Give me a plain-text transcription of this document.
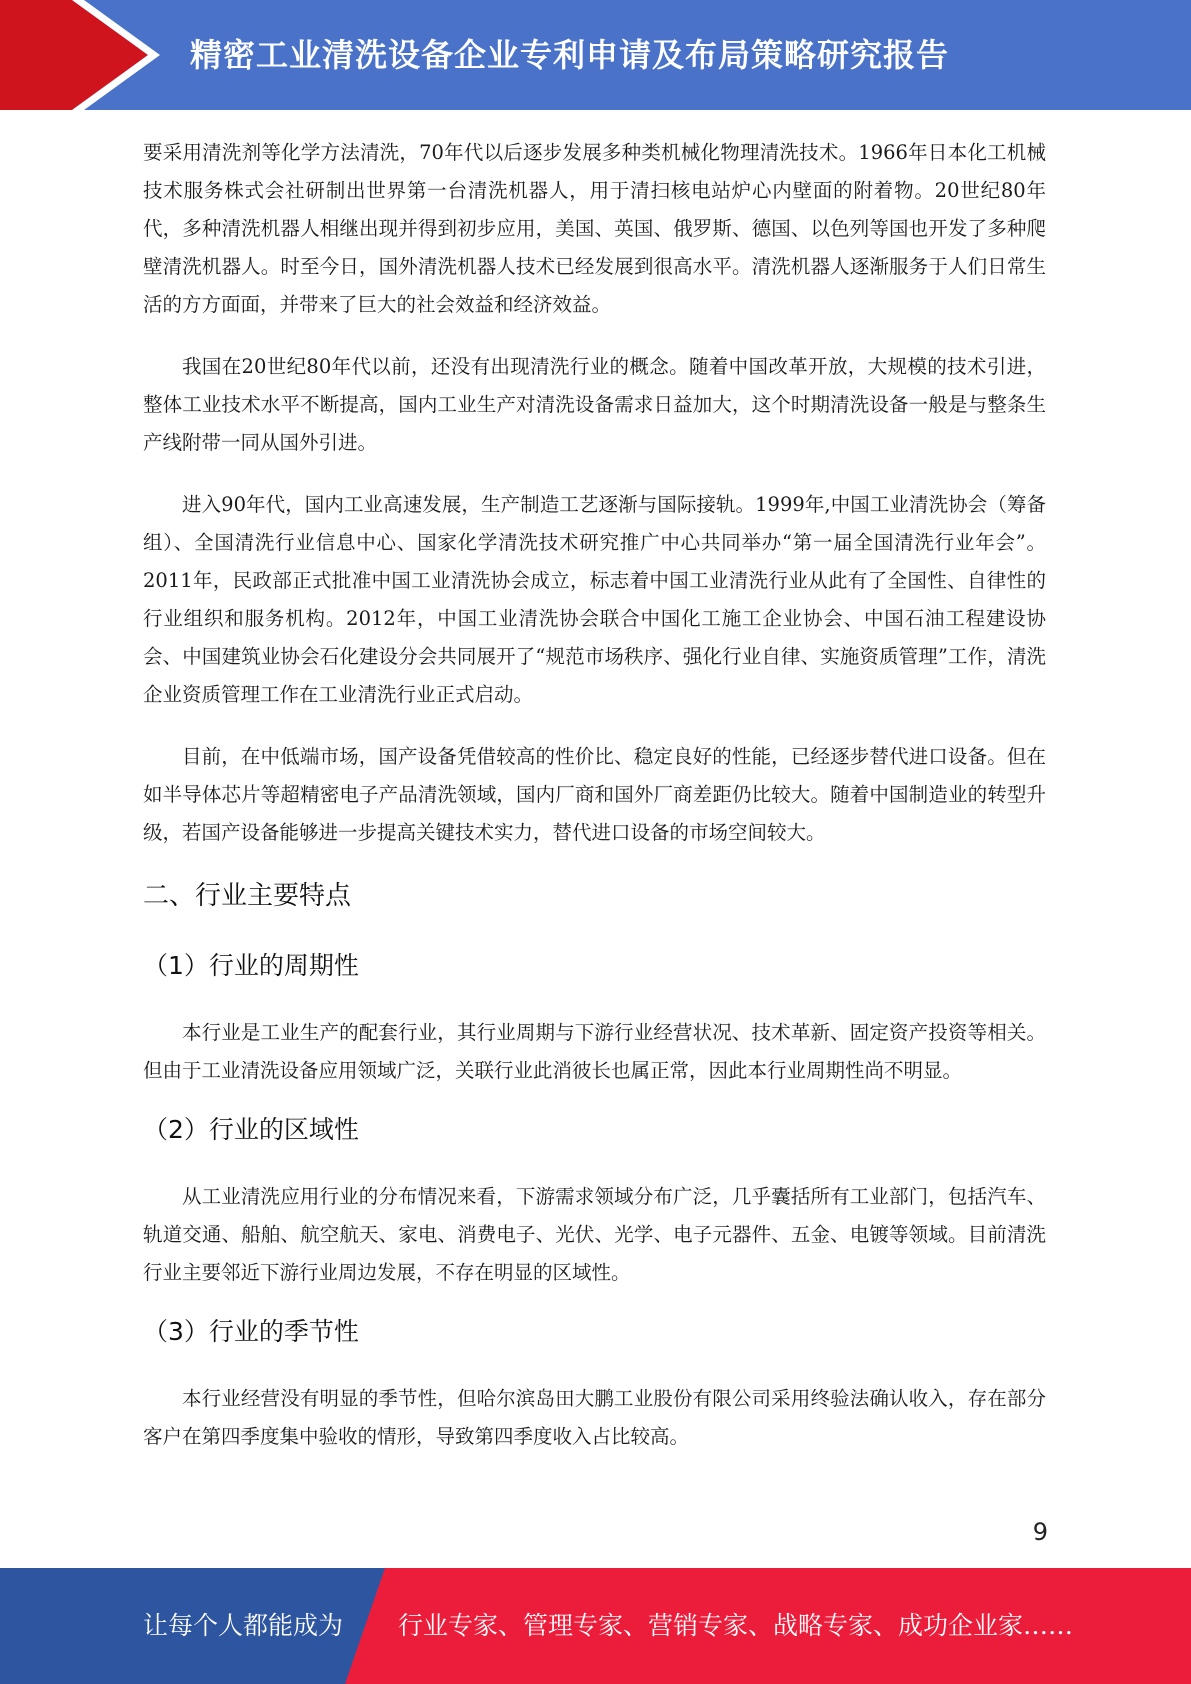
精密工业清洗设备企业专利申请及布局策略研究报告

要采用清洗剂等化学方法清洗，70年代以后逐步发展多种类机械化物理清洗技术。1966年日本化工机械技术服务株式会社研制出世界第一台清洗机器人，用于清扫核电站炉心内壁面的附着物。20世纪80年代，多种清洗机器人相继出现并得到初步应用，美国、英国、俄罗斯、德国、以色列等国也开发了多种爬壁清洗机器人。时至今日，国外清洗机器人技术已经发展到很高水平。清洗机器人逐渐服务于人们日常生活的方方面面，并带来了巨大的社会效益和经济效益。

我国在20世纪80年代以前，还没有出现清洗行业的概念。随着中国改革开放，大规模的技术引进，整体工业技术水平不断提高，国内工业生产对清洗设备需求日益加大，这个时期清洗设备一般是与整条生产线附带一同从国外引进。

进入90年代，国内工业高速发展，生产制造工艺逐渐与国际接轨。1999年,中国工业清洗协会（筹备组）、全国清洗行业信息中心、国家化学清洗技术研究推广中心共同举办“第一届全国清洗行业年会”。2011年，民政部正式批准中国工业清洗协会成立，标志着中国工业清洗行业从此有了全国性、自律性的行业组织和服务机构。2012年，中国工业清洗协会联合中国化工施工企业协会、中国石油工程建设协会、中国建筑业协会石化建设分会共同展开了“规范市场秩序、强化行业自律、实施资质管理”工作，清洗企业资质管理工作在工业清洗行业正式启动。

目前，在中低端市场，国产设备凭借较高的性价比、稳定良好的性能，已经逐步替代进口设备。但在如半导体芯片等超精密电子产品清洗领域，国内厂商和国外厂商差距仍比较大。随着中国制造业的转型升级，若国产设备能够进一步提高关键技术实力，替代进口设备的市场空间较大。

二、行业主要特点
（1）行业的周期性

本行业是工业生产的配套行业，其行业周期与下游行业经营状况、技术革新、固定资产投资等相关。但由于工业清洗设备应用领域广泛，关联行业此消彼长也属正常，因此本行业周期性尚不明显。

（2）行业的区域性

从工业清洗应用行业的分布情况来看，下游需求领域分布广泛，几乎囊括所有工业部门，包括汽车、轨道交通、船舶、航空航天、家电、消费电子、光伏、光学、电子元器件、五金、电镀等领域。目前清洗行业主要邻近下游行业周边发展，不存在明显的区域性。

（3）行业的季节性

本行业经营没有明显的季节性，但哈尔滨岛田大鹏工业股份有限公司采用终验法确认收入，存在部分客户在第四季度集中验收的情形，导致第四季度收入占比较高。

9
让每个人都能成为 行业专家、管理专家、营销专家、战略专家、成功企业家……
